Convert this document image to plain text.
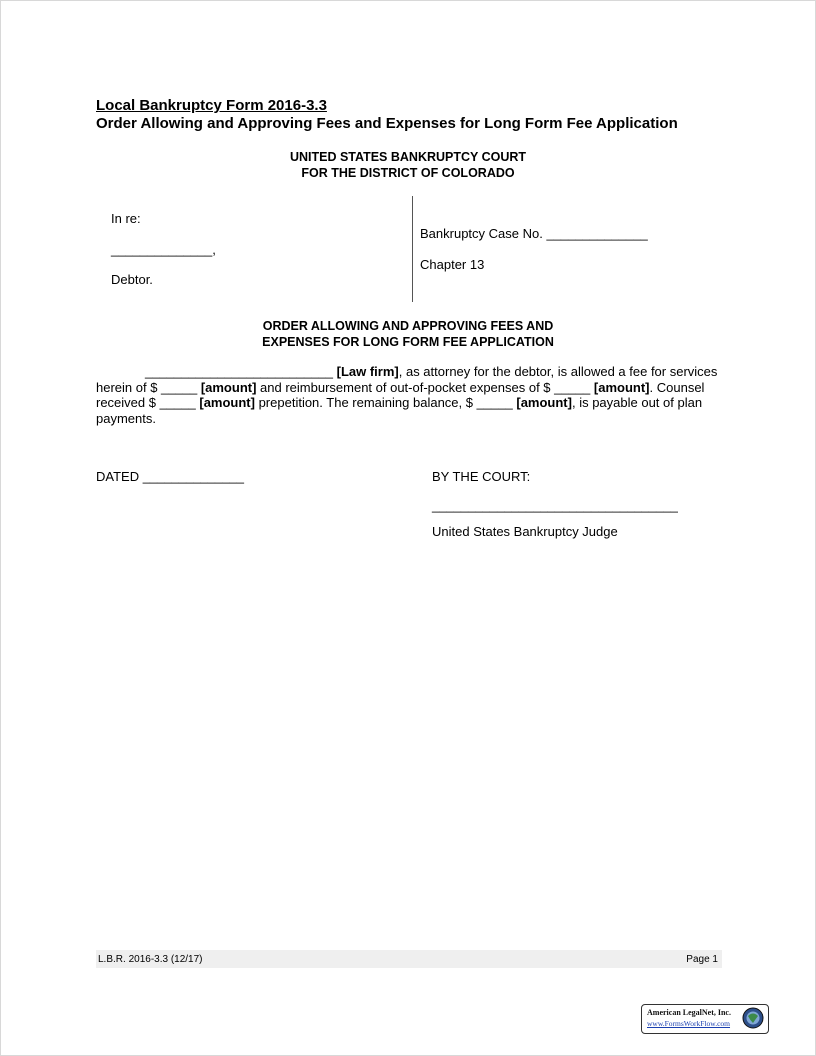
Local Bankruptcy Form 2016-3.3
Order Allowing and Approving Fees and Expenses for Long Form Fee Application
UNITED STATES BANKRUPTCY COURT
FOR THE DISTRICT OF COLORADO
In re:
______________,
Debtor.
Bankruptcy Case No. ______________
Chapter 13
ORDER ALLOWING AND APPROVING FEES AND
EXPENSES FOR LONG FORM FEE APPLICATION
__________________________ [Law firm], as attorney for the debtor, is allowed a fee for services herein of $ _____ [amount] and reimbursement of out-of-pocket expenses of $ _____ [amount]. Counsel received $ _____ [amount] prepetition. The remaining balance, $ _____ [amount], is payable out of plan payments.
DATED ______________	BY THE COURT:
__________________________________
United States Bankruptcy Judge
L.B.R. 2016-3.3 (12/17)	Page 1
American LegalNet, Inc.
www.FormsWorkFlow.com
